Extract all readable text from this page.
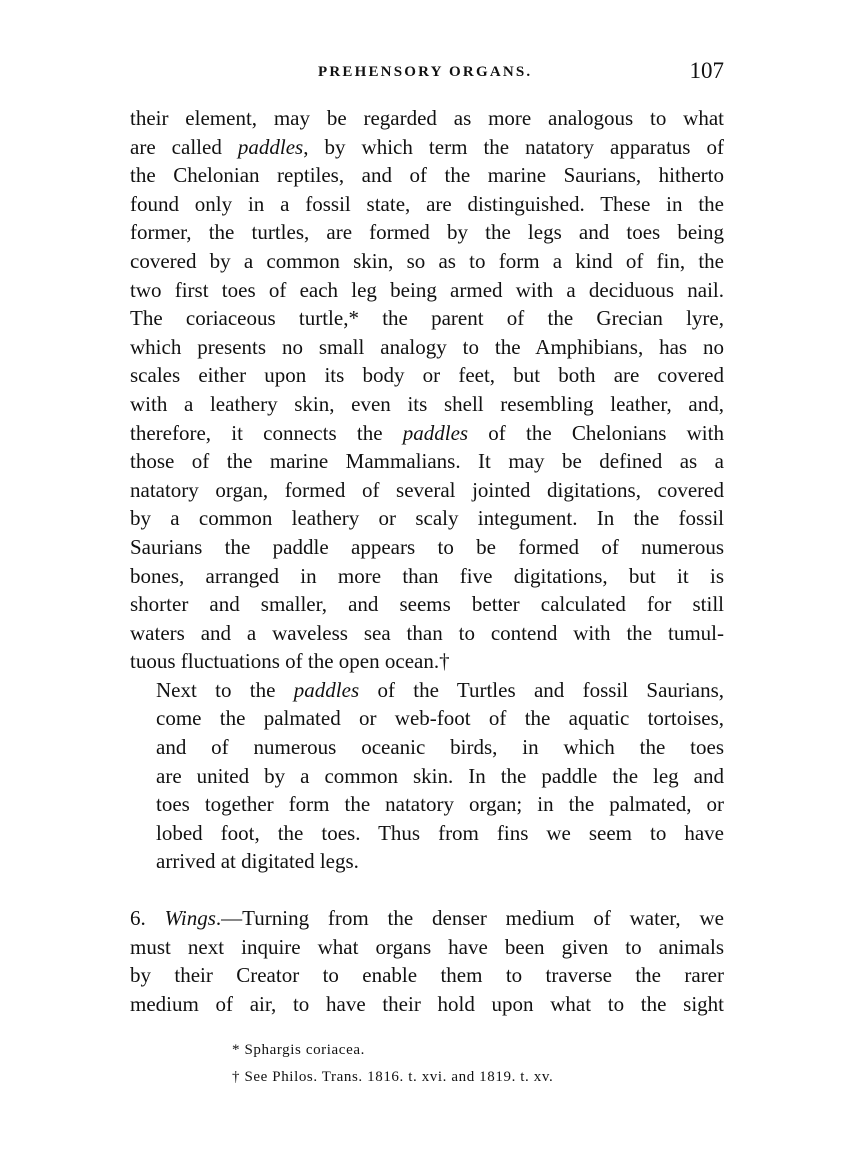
PREHENSORY ORGANS.	107

their element, may be regarded as more analogous to what
are called paddles, by which term the natatory apparatus of
the Chelonian reptiles, and of the marine Saurians, hitherto
found only in a fossil state, are distinguished. These in the
former, the turtles, are formed by the legs and toes being
covered by a common skin, so as to form a kind of fin, the
two first toes of each leg being armed with a deciduous nail.
The coriaceous turtle,* the parent of the Grecian lyre,
which presents no small analogy to the Amphibians, has no
scales either upon its body or feet, but both are covered
with a leathery skin, even its shell resembling leather, and,
therefore, it connects the paddles of the Chelonians with
those of the marine Mammalians. It may be defined as a
natatory organ, formed of several jointed digitations, covered
by a common leathery or scaly integument. In the fossil
Saurians the paddle appears to be formed of numerous
bones, arranged in more than five digitations, but it is
shorter and smaller, and seems better calculated for still
waters and a waveless sea than to contend with the tumul-
tuous fluctuations of the open ocean.†

Next to the paddles of the Turtles and fossil Saurians,
come the palmated or web-foot of the aquatic tortoises,
and of numerous oceanic birds, in which the toes
are united by a common skin. In the paddle the leg and
toes together form the natatory organ; in the palmated, or
lobed foot, the toes. Thus from fins we seem to have
arrived at digitated legs.

6. Wings.—Turning from the denser medium of water, we
must next inquire what organs have been given to animals
by their Creator to enable them to traverse the rarer
medium of air, to have their hold upon what to the sight

* Sphargis coriacea.
† See Philos. Trans. 1816. t. xvi. and 1819. t. xv.
